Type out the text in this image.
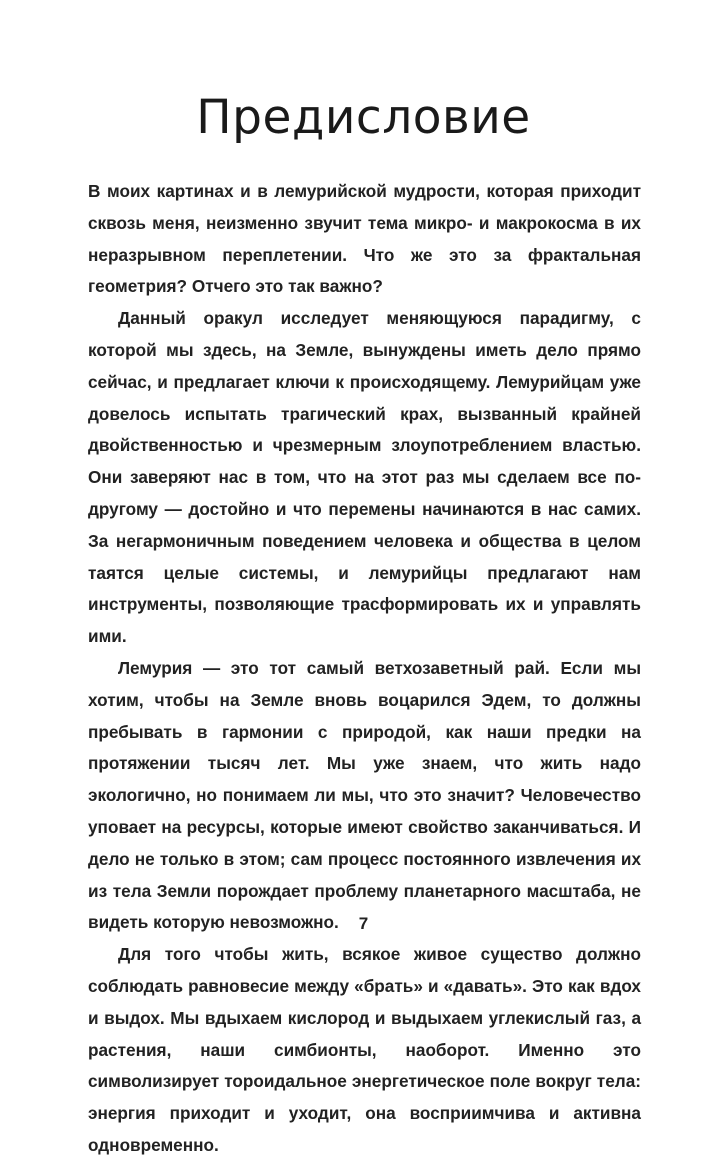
Предисловие

В моих картинах и в лемурийской мудрости, которая приходит сквозь меня, неизменно звучит тема микро- и макрокосма в их неразрывном переплетении. Что же это за фрактальная геометрия? Отчего это так важно?

Данный оракул исследует меняющуюся парадигму, с которой мы здесь, на Земле, вынуждены иметь дело прямо сейчас, и предлагает ключи к происходящему. Лемурийцам уже довелось испытать трагический крах, вызванный крайней двойственностью и чрезмерным злоупотреблением властью. Они заверяют нас в том, что на этот раз мы сделаем все по-другому — достойно и что перемены начинаются в нас самих. За негармоничным поведением человека и общества в целом таятся целые системы, и лемурийцы предлагают нам инструменты, позволяющие трасформировать их и управлять ими.

Лемурия — это тот самый ветхозаветный рай. Если мы хотим, чтобы на Земле вновь воцарился Эдем, то должны пребывать в гармонии с природой, как наши предки на протяжении тысяч лет. Мы уже знаем, что жить надо экологично, но понимаем ли мы, что это значит? Человечество уповает на ресурсы, которые имеют свойство заканчиваться. И дело не только в этом; сам процесс постоянного извлечения их из тела Земли порождает проблему планетарного масштаба, не видеть которую невозможно.

Для того чтобы жить, всякое живое существо должно соблюдать равновесие между «брать» и «давать». Это как вдох и выдох. Мы вдыхаем кислород и выдыхаем углекислый газ, а растения, наши симбионты, наоборот. Именно это символизирует тороидальное энергетическое поле вокруг тела: энергия приходит и уходит, она восприимчива и активна одновременно.

7
